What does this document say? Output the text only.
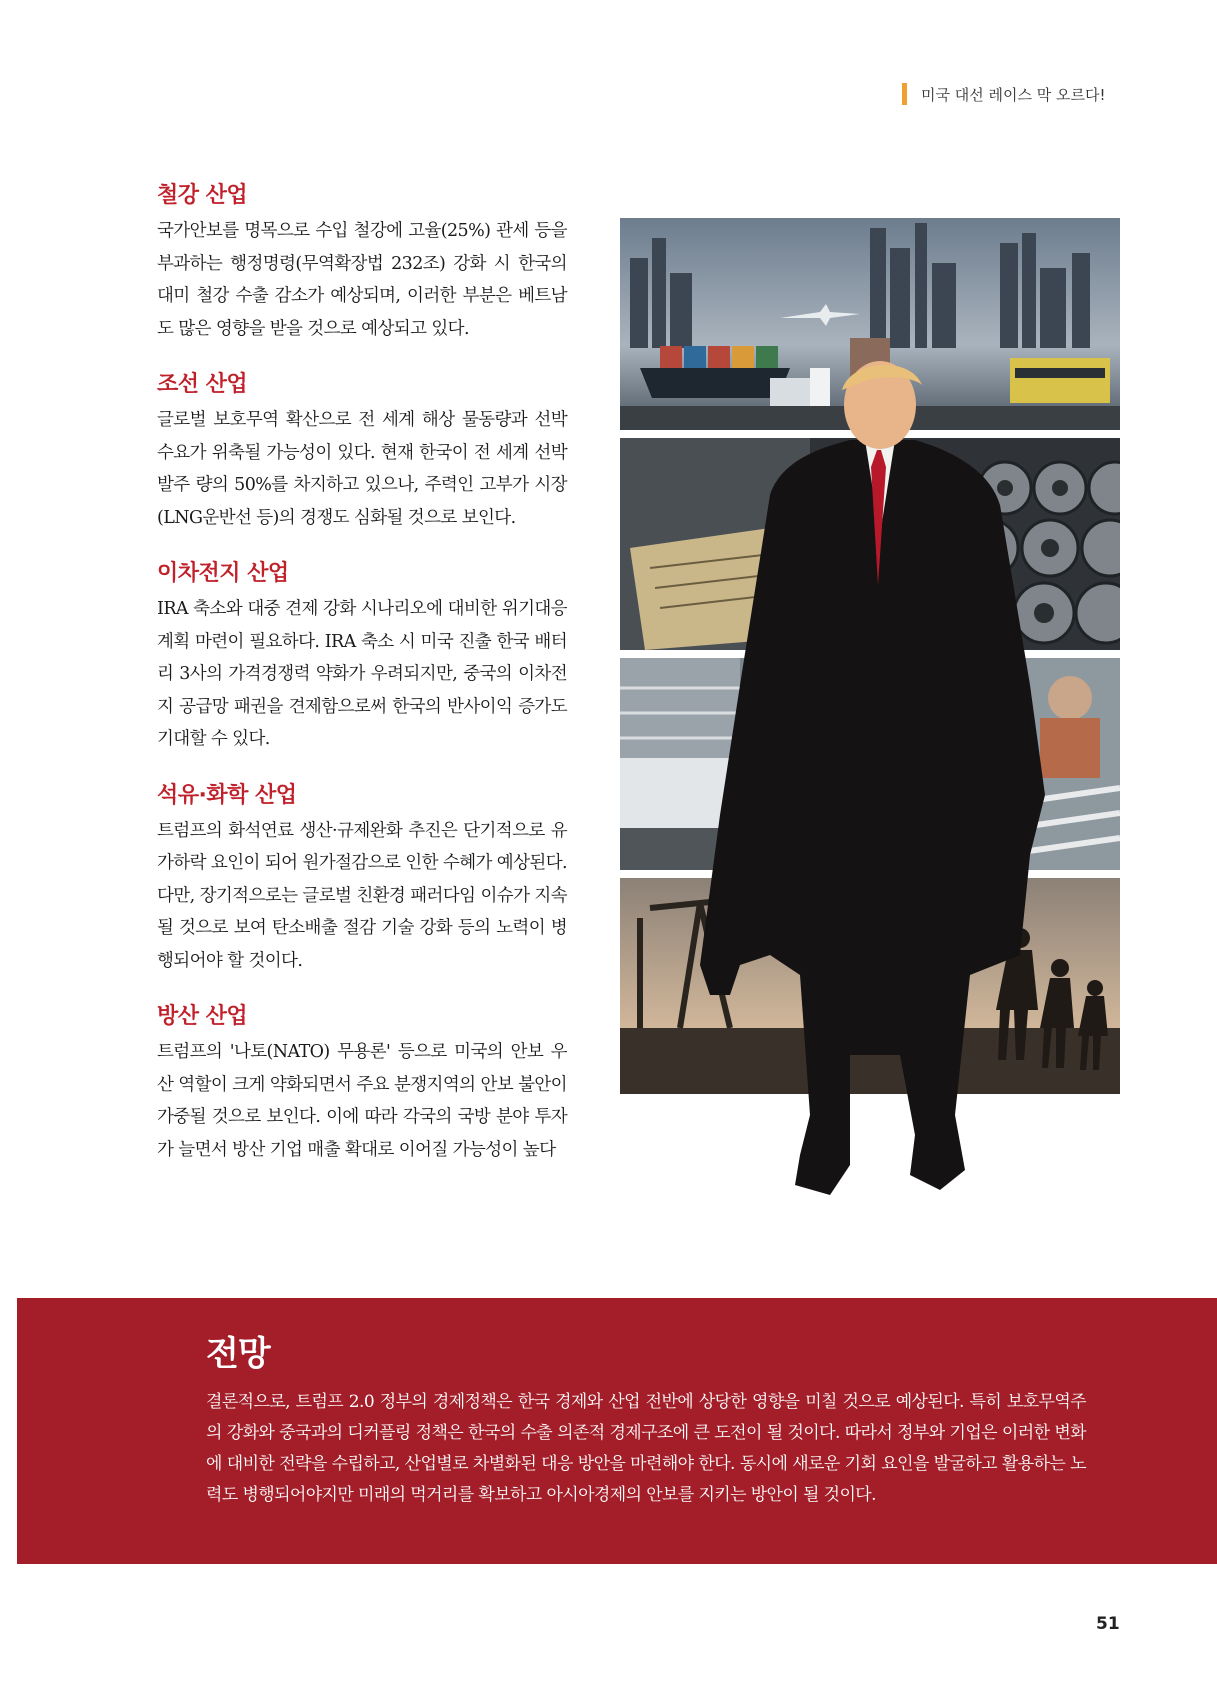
미국 대선 레이스 막 오르다!
철강 산업

국가안보를 명목으로 수입 철강에 고율(25%) 관세 등을 부과하는 행정명령(무역확장법 232조) 강화 시 한국의 대미 철강 수출 감소가 예상되며, 이러한 부분은 베트남도 많은 영향을 받을 것으로 예상되고 있다.

조선 산업

글로벌 보호무역 확산으로 전 세계 해상 물동량과 선박 수요가 위축될 가능성이 있다. 현재 한국이 전 세계 선박 발주 량의 50%를 차지하고 있으나, 주력인 고부가 시장(LNG운반선 등)의 경쟁도 심화될 것으로 보인다.

이차전지 산업

IRA 축소와 대중 견제 강화 시나리오에 대비한 위기대응 계획 마련이 필요하다. IRA 축소 시 미국 진출 한국 배터리 3사의 가격경쟁력 약화가 우려되지만, 중국의 이차전지 공급망 패권을 견제함으로써 한국의 반사이익 증가도 기대할 수 있다.

석유·화학 산업

트럼프의 화석연료 생산·규제완화 추진은 단기적으로 유가하락 요인이 되어 원가절감으로 인한 수혜가 예상된다. 다만, 장기적으로는 글로벌 친환경 패러다임 이슈가 지속될 것으로 보여 탄소배출 절감 기술 강화 등의 노력이 병행되어야 할 것이다.

방산 산업

트럼프의 '나토(NATO) 무용론' 등으로 미국의 안보 우산 역할이 크게 약화되면서 주요 분쟁지역의 안보 불안이 가중될 것으로 보인다. 이에 따라 각국의 국방 분야 투자가 늘면서 방산 기업 매출 확대로 이어질 가능성이 높다

전망

결론적으로, 트럼프 2.0 정부의 경제정책은 한국 경제와 산업 전반에 상당한 영향을 미칠 것으로 예상된다. 특히 보호무역주의 강화와 중국과의 디커플링 정책은 한국의 수출 의존적 경제구조에 큰 도전이 될 것이다. 따라서 정부와 기업은 이러한 변화에 대비한 전략을 수립하고, 산업별로 차별화된 대응 방안을 마련해야 한다. 동시에 새로운 기회 요인을 발굴하고 활용하는 노력도 병행되어야지만 미래의 먹거리를 확보하고 아시아경제의 안보를 지키는 방안이 될 것이다.

51
